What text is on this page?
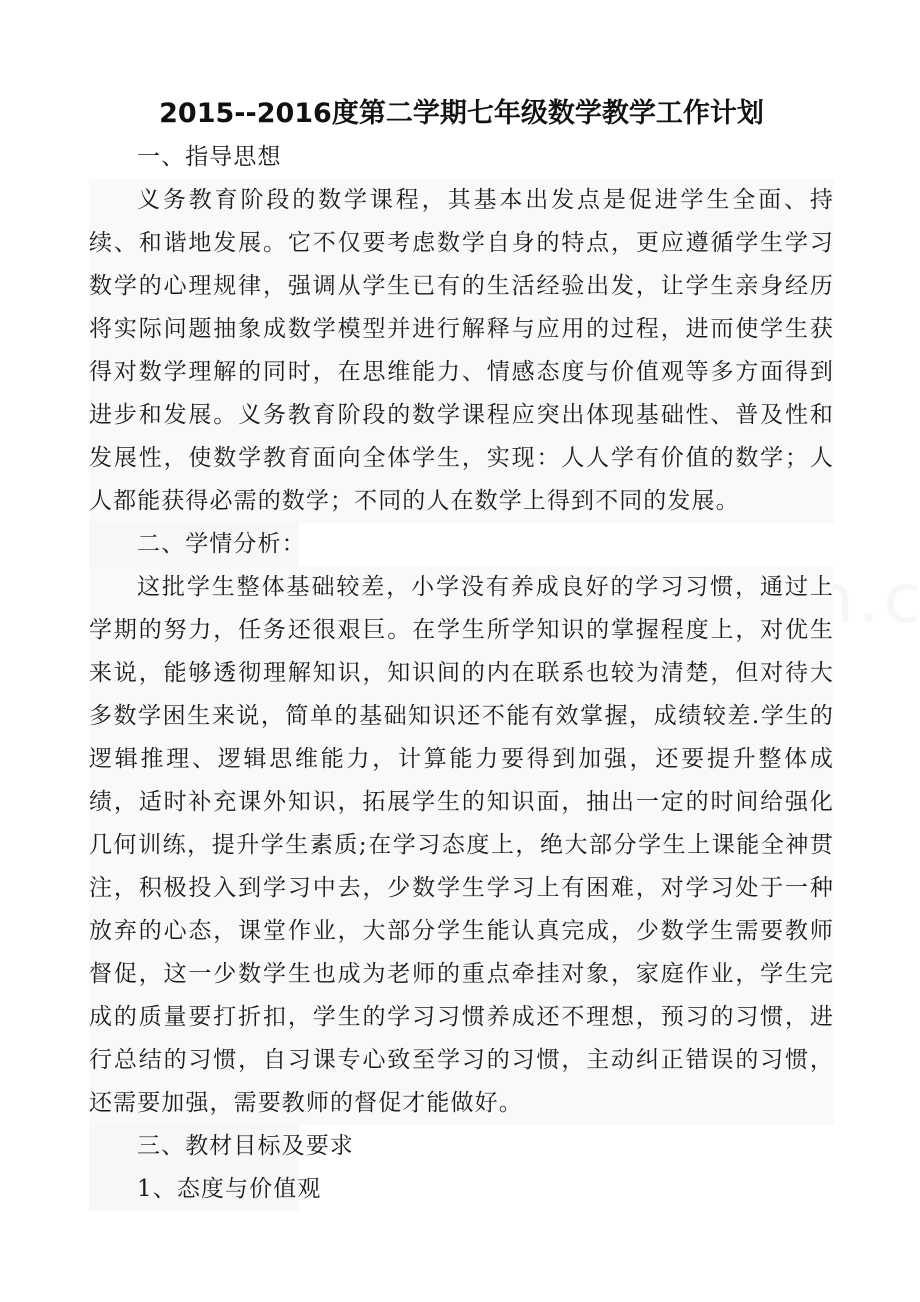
2015--2016度第二学期七年级数学教学工作计划

一、指导思想

义务教育阶段的数学课程，其基本出发点是促进学生全面、持续、和谐地发展。它不仅要考虑数学自身的特点，更应遵循学生学习数学的心理规律，强调从学生已有的生活经验出发，让学生亲身经历将实际问题抽象成数学模型并进行解释与应用的过程，进而使学生获得对数学理解的同时，在思维能力、情感态度与价值观等多方面得到进步和发展。义务教育阶段的数学课程应突出体现基础性、普及性和发展性，使数学教育面向全体学生，实现：人人学有价值的数学；人人都能获得必需的数学；不同的人在数学上得到不同的发展。

二、学情分析：

这批学生整体基础较差，小学没有养成良好的学习习惯，通过上学期的努力，任务还很艰巨。在学生所学知识的掌握程度上，对优生来说，能够透彻理解知识，知识间的内在联系也较为清楚，但对待大多数学困生来说，简单的基础知识还不能有效掌握，成绩较差.学生的逻辑推理、逻辑思维能力，计算能力要得到加强，还要提升整体成绩，适时补充课外知识，拓展学生的知识面，抽出一定的时间给强化几何训练，提升学生素质;在学习态度上，绝大部分学生上课能全神贯注，积极投入到学习中去，少数学生学习上有困难，对学习处于一种放弃的心态，课堂作业，大部分学生能认真完成，少数学生需要教师督促，这一少数学生也成为老师的重点牵挂对象，家庭作业，学生完成的质量要打折扣，学生的学习习惯养成还不理想，预习的习惯，进行总结的习惯，自习课专心致至学习的习惯，主动纠正错误的习惯，还需要加强，需要教师的督促才能做好。

三、教材目标及要求

1、态度与价值观
